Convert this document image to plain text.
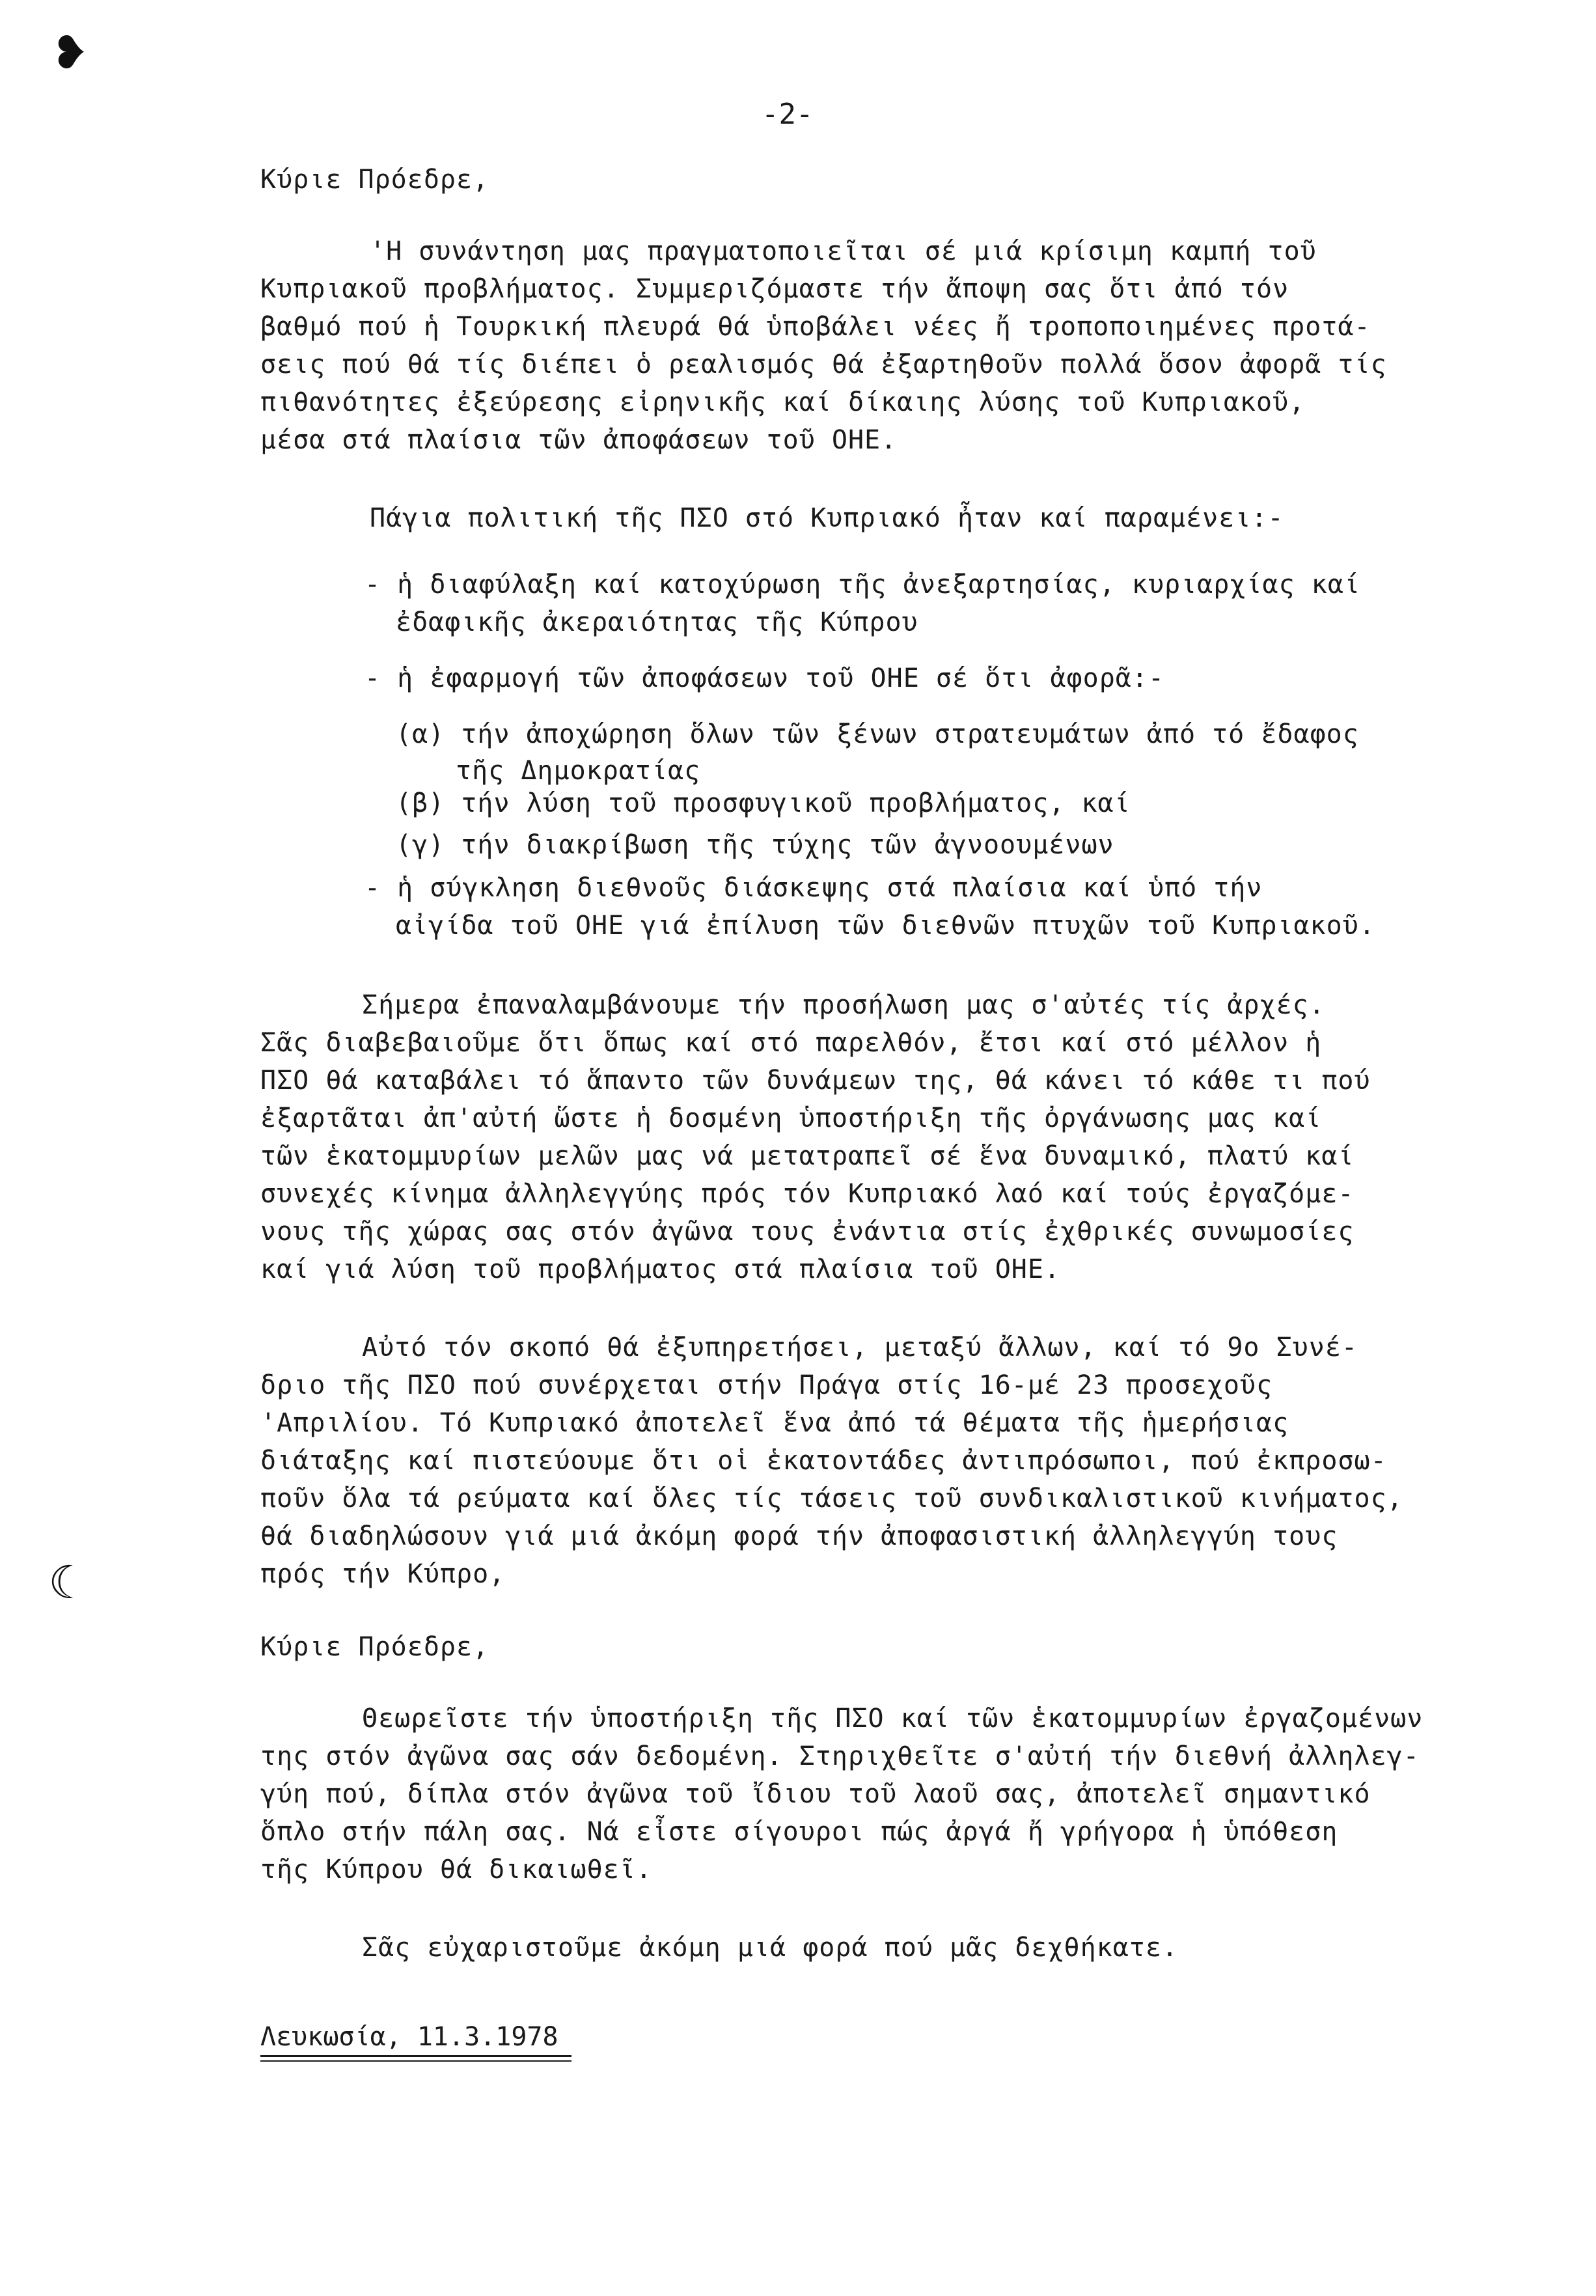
❥
☾
-2-
Κύριε Πρόεδρε,
'Η συνάντηση μας πραγματοποιεῖται σέ μιά κρίσιμη καμπή τοῦ
Κυπριακοῦ προβλήματος. Συμμεριζόμαστε τήν ἄποψη σας ὅτι ἀπό τόν
βαθμό πού ἡ Τουρκική πλευρά θά ὑποβάλει νέες ἤ τροποποιημένες προτά-
σεις πού θά τίς διέπει ὁ ρεαλισμός θά ἐξαρτηθοῦν πολλά ὅσον ἀφορᾶ τίς
πιθανότητες ἐξεύρεσης εἰρηνικῆς καί δίκαιης λύσης τοῦ Κυπριακοῦ,
μέσα στά πλαίσια τῶν ἀποφάσεων τοῦ ΟΗΕ.
Πάγια πολιτική τῆς ΠΣΟ στό Κυπριακό ἦταν καί παραμένει:-
- ἡ διαφύλαξη καί κατοχύρωση τῆς ἀνεξαρτησίας, κυριαρχίας καί
ἐδαφικῆς ἀκεραιότητας τῆς Κύπρου
- ἡ ἐφαρμογή τῶν ἀποφάσεων τοῦ ΟΗΕ σέ ὅτι ἀφορᾶ:-
(α) τήν ἀποχώρηση ὅλων τῶν ξένων στρατευμάτων ἀπό τό ἔδαφος
τῆς Δημοκρατίας
(β) τήν λύση τοῦ προσφυγικοῦ προβλήματος, καί
(γ) τήν διακρίβωση τῆς τύχης τῶν ἀγνοουμένων
- ἡ σύγκληση διεθνοῦς διάσκεψης στά πλαίσια καί ὑπό τήν
αἰγίδα τοῦ ΟΗΕ γιά ἐπίλυση τῶν διεθνῶν πτυχῶν τοῦ Κυπριακοῦ.
Σήμερα ἐπαναλαμβάνουμε τήν προσήλωση μας σ'αὐτές τίς ἀρχές.
Σᾶς διαβεβαιοῦμε ὅτι ὅπως καί στό παρελθόν, ἔτσι καί στό μέλλον ἡ
ΠΣΟ θά καταβάλει τό ἅπαντο τῶν δυνάμεων της, θά κάνει τό κάθε τι πού
ἐξαρτᾶται ἀπ'αὐτή ὥστε ἡ δοσμένη ὑποστήριξη τῆς ὀργάνωσης μας καί
τῶν ἑκατομμυρίων μελῶν μας νά μετατραπεῖ σέ ἕνα δυναμικό, πλατύ καί
συνεχές κίνημα ἀλληλεγγύης πρός τόν Κυπριακό λαό καί τούς ἐργαζόμε-
νους τῆς χώρας σας στόν ἀγῶνα τους ἐνάντια στίς ἐχθρικές συνωμοσίες
καί γιά λύση τοῦ προβλήματος στά πλαίσια τοῦ ΟΗΕ.
Αὐτό τόν σκοπό θά ἐξυπηρετήσει, μεταξύ ἄλλων, καί τό 9ο Συνέ-
δριο τῆς ΠΣΟ πού συνέρχεται στήν Πράγα στίς 16-μέ 23 προσεχοῦς
'Απριλίου. Τό Κυπριακό ἀποτελεῖ ἕνα ἀπό τά θέματα τῆς ἡμερήσιας
διάταξης καί πιστεύουμε ὅτι οἱ ἑκατοντάδες ἀντιπρόσωποι, πού ἐκπροσω-
ποῦν ὅλα τά ρεύματα καί ὅλες τίς τάσεις τοῦ συνδικαλιστικοῦ κινήματος,
θά διαδηλώσουν γιά μιά ἀκόμη φορά τήν ἀποφασιστική ἀλληλεγγύη τους
πρός τήν Κύπρο,
Κύριε Πρόεδρε,
Θεωρεῖστε τήν ὑποστήριξη τῆς ΠΣΟ καί τῶν ἑκατομμυρίων ἐργαζομένων
της στόν ἀγῶνα σας σάν δεδομένη. Στηριχθεῖτε σ'αὐτή τήν διεθνή ἀλληλεγ-
γύη πού, δίπλα στόν ἀγῶνα τοῦ ἴδιου τοῦ λαοῦ σας, ἀποτελεῖ σημαντικό
ὅπλο στήν πάλη σας. Νά εἶστε σίγουροι πώς ἀργά ἤ γρήγορα ἡ ὑπόθεση
τῆς Κύπρου θά δικαιωθεῖ.
Σᾶς εὐχαριστοῦμε ἀκόμη μιά φορά πού μᾶς δεχθήκατε.
Λευκωσία, 11.3.1978
